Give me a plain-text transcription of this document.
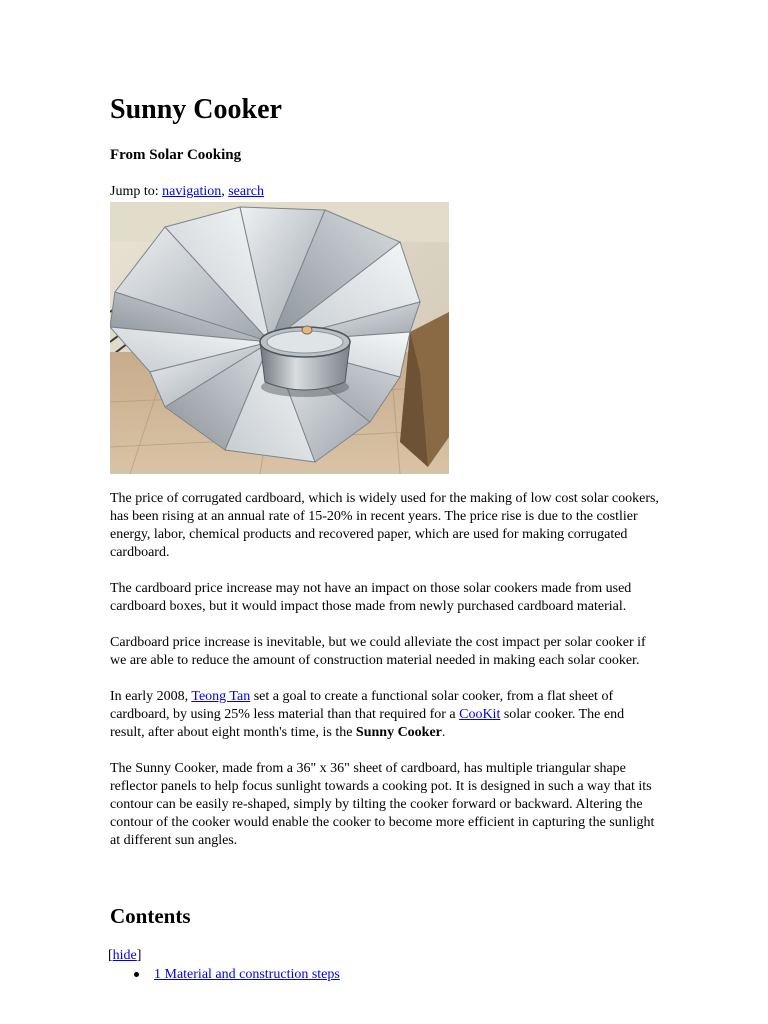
Sunny Cooker
From Solar Cooking
Jump to: navigation, search

The price of corrugated cardboard, which is widely used for the making of low cost solar cookers, has been rising at an annual rate of 15-20% in recent years. The price rise is due to the costlier energy, labor, chemical products and recovered paper, which are used for making corrugated cardboard.

The cardboard price increase may not have an impact on those solar cookers made from used cardboard boxes, but it would impact those made from newly purchased cardboard material.

Cardboard price increase is inevitable, but we could alleviate the cost impact per solar cooker if we are able to reduce the amount of construction material needed in making each solar cooker.

In early 2008, Teong Tan set a goal to create a functional solar cooker, from a flat sheet of cardboard, by using 25% less material than that required for a CooKit solar cooker. The end result, after about eight month's time, is the Sunny Cooker.

The Sunny Cooker, made from a 36" x 36" sheet of cardboard, has multiple triangular shape reflector panels to help focus sunlight towards a cooking pot. It is designed in such a way that its contour can be easily re-shaped, simply by tilting the cooker forward or backward. Altering the contour of the cooker would enable the cooker to become more efficient in capturing the sunlight at different sun angles.

Contents
[hide]
1 Material and construction steps
